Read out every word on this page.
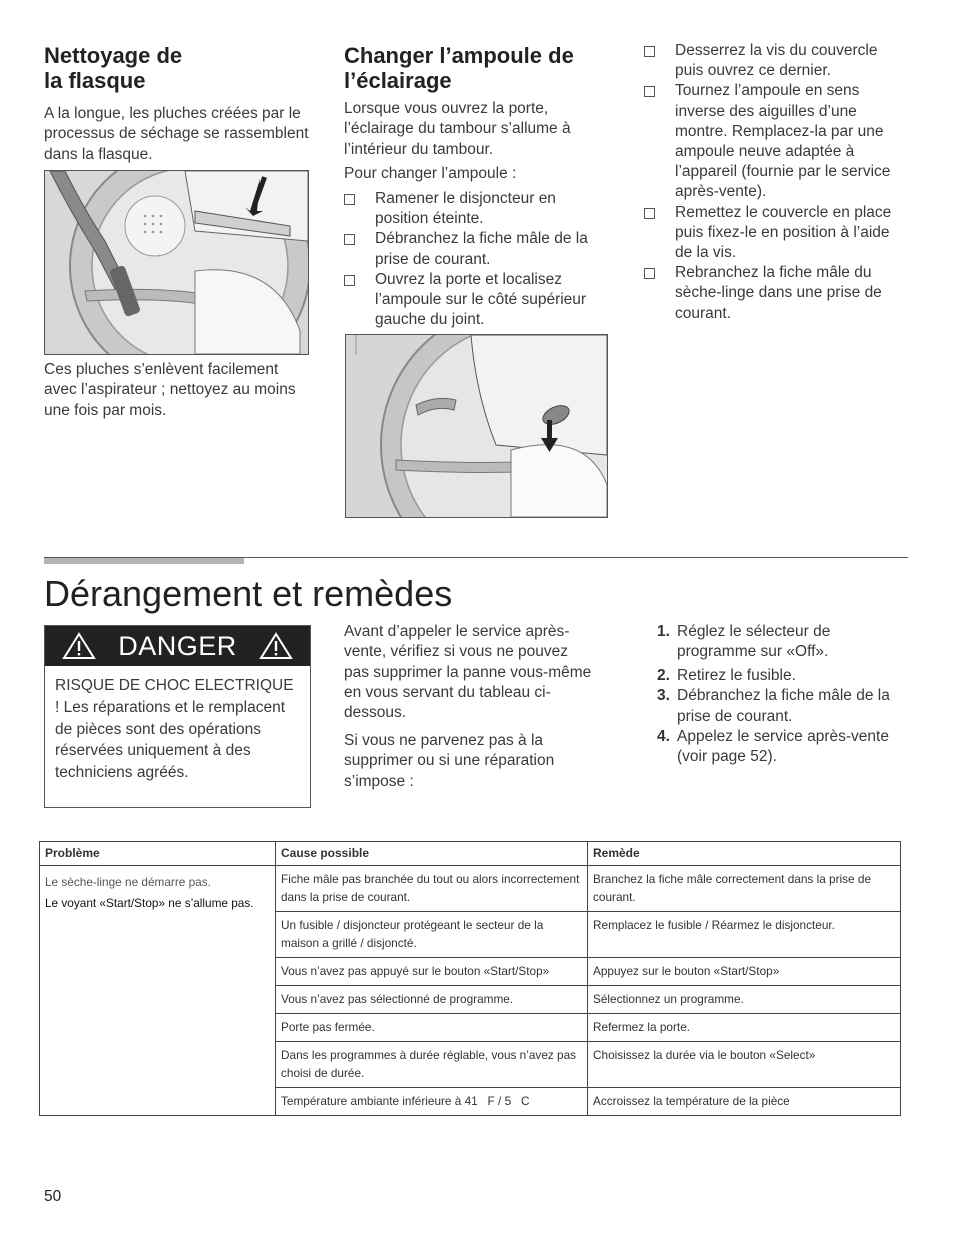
Nettoyage de
la flasque

A la longue, les pluches créées par le processus de séchage se rassemblent dans la flasque.

Ces pluches s’enlèvent facilement avec l’aspirateur ; nettoyez au moins une fois par mois.

Changer l’ampoule de
l’éclairage

Lorsque vous ouvrez la porte, l’éclairage du tambour s’allume à l’intérieur du tambour.

Pour changer l’ampoule :

Ramener le disjoncteur en position éteinte.
Débranchez la fiche mâle de la prise de courant.
Ouvrez la porte et localisez l’ampoule sur le côté supérieur gauche du joint.
Desserrez la vis du couvercle puis ouvrez ce dernier.
Tournez l’ampoule en sens inverse des aiguilles d’une montre. Remplacez-la par une ampoule neuve adaptée à l’appareil (fournie par le service après-vente).
Remettez le couvercle en place puis fixez-le en position à l’aide de la vis.
Rebranchez la fiche mâle du sèche-linge dans une prise de courant.
Dérangement et remèdes
DANGER
RISQUE DE CHOC ELECTRIQUE ! Les réparations et le remplacent de pièces sont des opérations réservées uniquement à des techniciens agréés.

Avant d’appeler le service après-vente, vérifiez si vous ne pouvez pas supprimer la panne vous-même en vous servant du tableau ci-dessous.

Si vous ne parvenez pas à la supprimer ou si une réparation s’impose :

1. Réglez le sélecteur de programme sur «Off».
2. Retirez le fusible.
3. Débranchez la fiche mâle de la prise de courant.
4. Appelez le service après-vente (voir page 52).
Problème	Cause possible	Remède

Le sèche-linge ne démarre pas.
Le voyant «Start/Stop» ne s’allume pas.	Fiche mâle pas branchée du tout ou alors incorrectement dans la prise de courant.	Branchez la fiche mâle correctement dans la prise de courant.
	Un fusible / disjoncteur protégeant le secteur de la maison a grillé / disjoncté.	Remplacez le fusible / Réarmez le disjoncteur.
	Vous n’avez pas appuyé sur le bouton «Start/Stop»	Appuyez sur le bouton «Start/Stop»
	Vous n’avez pas sélectionné de programme.	Sélectionnez un programme.
	Porte pas fermée.	Refermez la porte.
	Dans les programmes à durée réglable, vous n’avez pas choisi de durée.	Choisissez la durée via le bouton «Select»
	Température ambiante inférieure à 41   F / 5   C	Accroissez la température de la pièce
50
